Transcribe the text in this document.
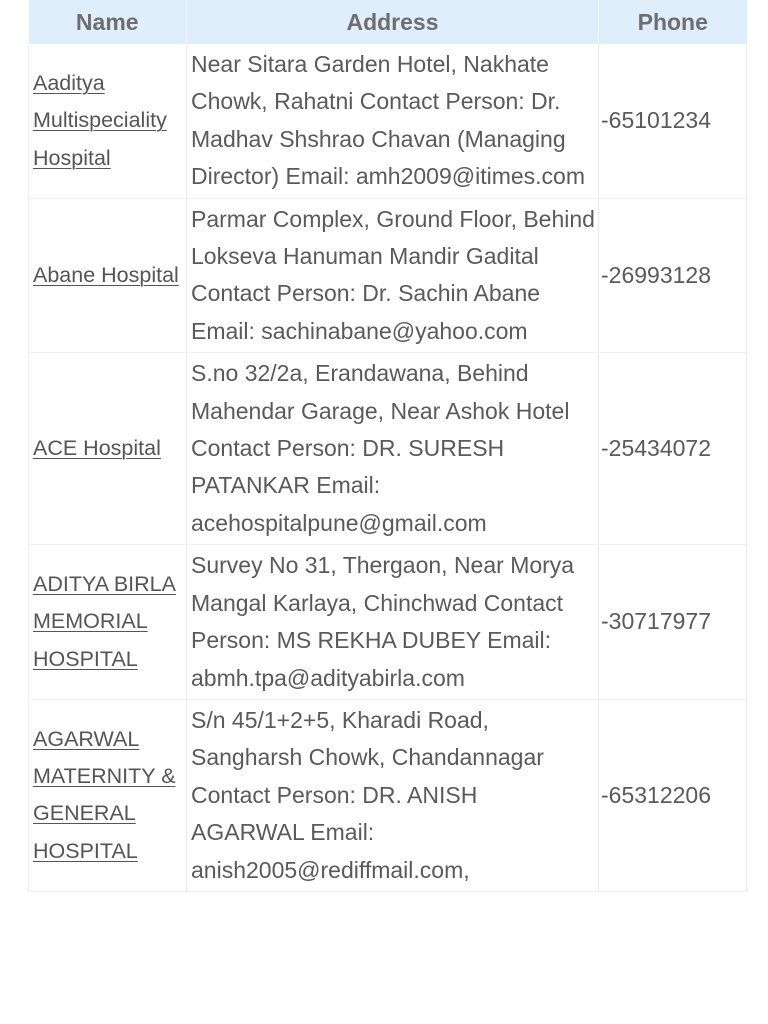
Name	Address	Phone
Aaditya Multispeciality Hospital	Near Sitara Garden Hotel, Nakhate Chowk, Rahatni Contact Person: Dr. Madhav Shshrao Chavan (Managing Director) Email: amh2009@itimes.com	-65101234
Abane Hospital	Parmar Complex, Ground Floor, Behind Lokseva Hanuman Mandir Gadital Contact Person: Dr. Sachin Abane Email: sachinabane@yahoo.com	-26993128
ACE Hospital	S.no 32/2a, Erandawana, Behind Mahendar Garage, Near Ashok Hotel Contact Person: DR. SURESH PATANKAR Email: acehospitalpune@gmail.com	-25434072
ADITYA BIRLA MEMORIAL HOSPITAL	Survey No 31, Thergaon, Near Morya Mangal Karlaya, Chinchwad Contact Person: MS REKHA DUBEY Email: abmh.tpa@adityabirla.com	-30717977
AGARWAL MATERNITY & GENERAL HOSPITAL	S/n 45/1+2+5, Kharadi Road, Sangharsh Chowk, Chandannagar Contact Person: DR. ANISH AGARWAL Email: anish2005@rediffmail.com,	-65312206
